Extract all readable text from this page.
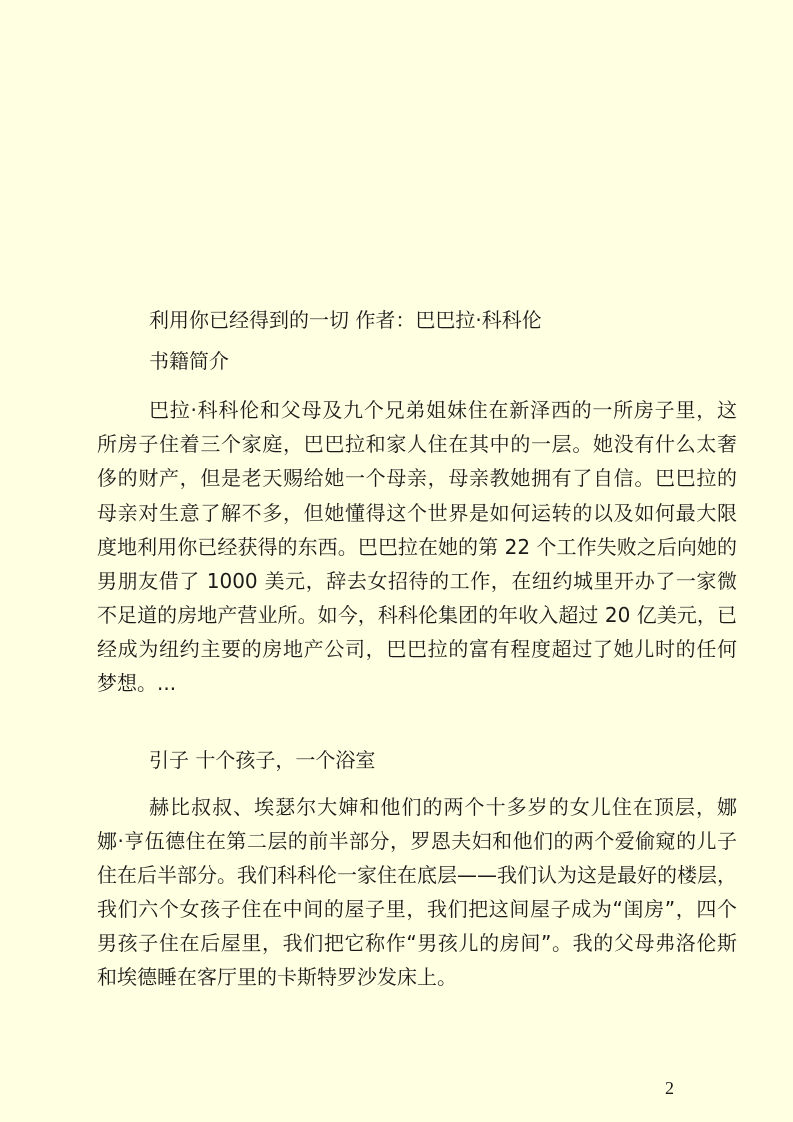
利用你已经得到的一切 作者：巴巴拉·科科伦
书籍简介
巴拉·科科伦和父母及九个兄弟姐妹住在新泽西的一所房子里，这
所房子住着三个家庭，巴巴拉和家人住在其中的一层。她没有什么太奢
侈的财产，但是老天赐给她一个母亲，母亲教她拥有了自信。巴巴拉的
母亲对生意了解不多，但她懂得这个世界是如何运转的以及如何最大限
度地利用你已经获得的东西。巴巴拉在她的第 22 个工作失败之后向她的
男朋友借了 1000 美元，辞去女招待的工作，在纽约城里开办了一家微
不足道的房地产营业所。如今，科科伦集团的年收入超过 20 亿美元，已
经成为纽约主要的房地产公司，巴巴拉的富有程度超过了她儿时的任何
梦想。...
引子 十个孩子，一个浴室
赫比叔叔、埃瑟尔大婶和他们的两个十多岁的女儿住在顶层，娜
娜·亨伍德住在第二层的前半部分，罗恩夫妇和他们的两个爱偷窥的儿子
住在后半部分。我们科科伦一家住在底层——我们认为这是最好的楼层，
我们六个女孩子住在中间的屋子里，我们把这间屋子成为“闺房”，四个
男孩子住在后屋里，我们把它称作“男孩儿的房间”。我的父母弗洛伦斯
和埃德睡在客厅里的卡斯特罗沙发床上。
2
